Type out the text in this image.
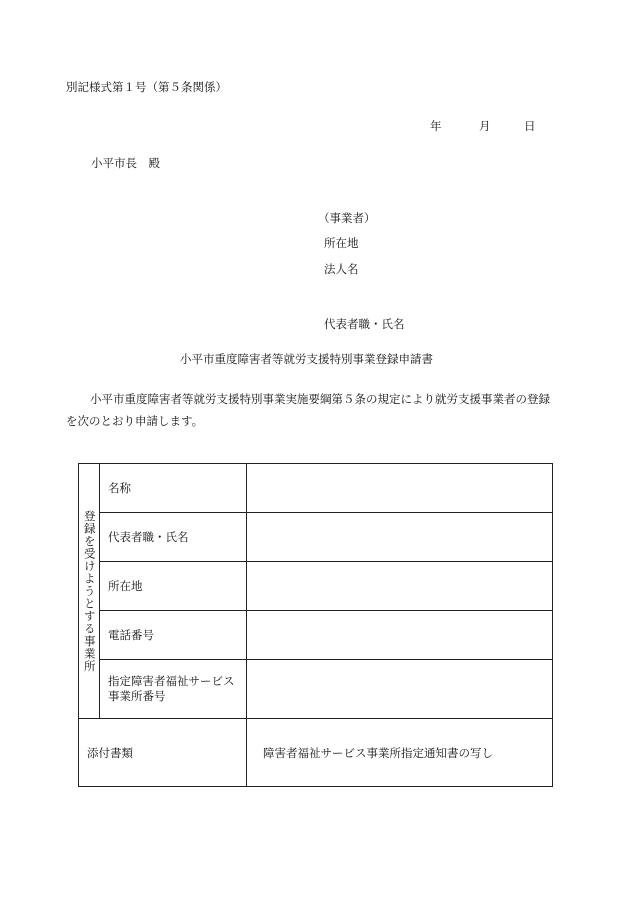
別記様式第１号（第５条関係）
年	月	日
小平市長　殿
（事業者）
所在地
法人名
代表者職・氏名
小平市重度障害者等就労支援特別事業登録申請書
小平市重度障害者等就労支援特別事業実施要綱第５条の規定により就労支援事業者の登録を次のとおり申請します。
登録を受けようとする事業所	名称	
	代表者職・氏名	
	所在地	
	電話番号	

	指定障害者福祉サービス
事業所番号	

添付書類		障害者福祉サービス事業所指定通知書の写し
